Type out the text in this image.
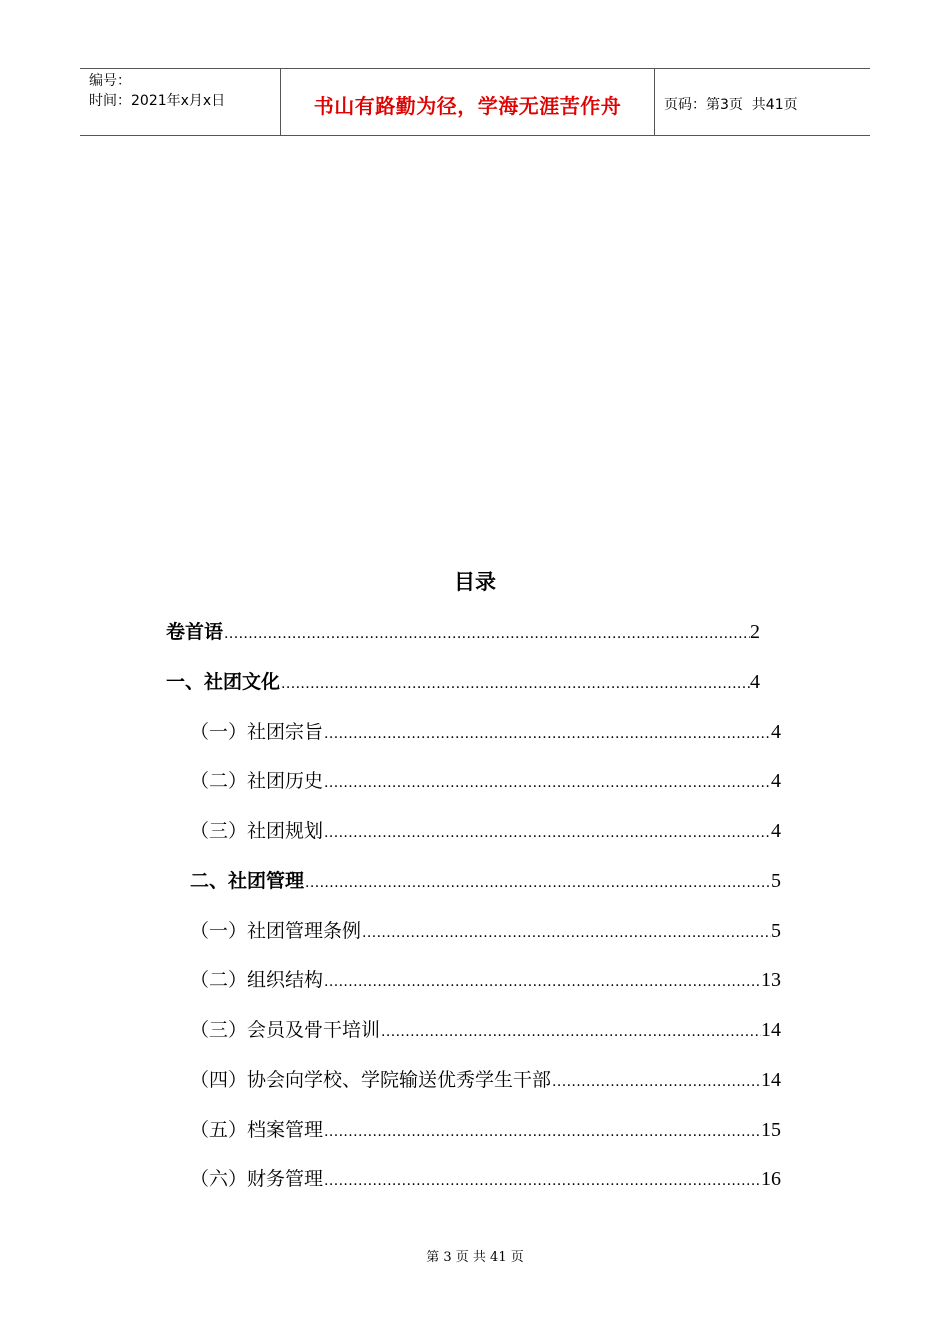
编号：
时间：2021年x月x日	书山有路勤为径，学海无涯苦作舟	页码：第3页  共41页
目录
卷首语 .....	2
一、社团文化 .....	4
（一）社团宗旨 .....	4
（二）社团历史 .....	4
（三）社团规划 .....	4
二、社团管理 .....	5
（一）社团管理条例 .....	5
（二）组织结构 .....	13
（三）会员及骨干培训 .....	14
（四）协会向学校、学院输送优秀学生干部 .....	14
（五）档案管理 .....	15
（六）财务管理 .....	16
第 3 页 共 41 页
